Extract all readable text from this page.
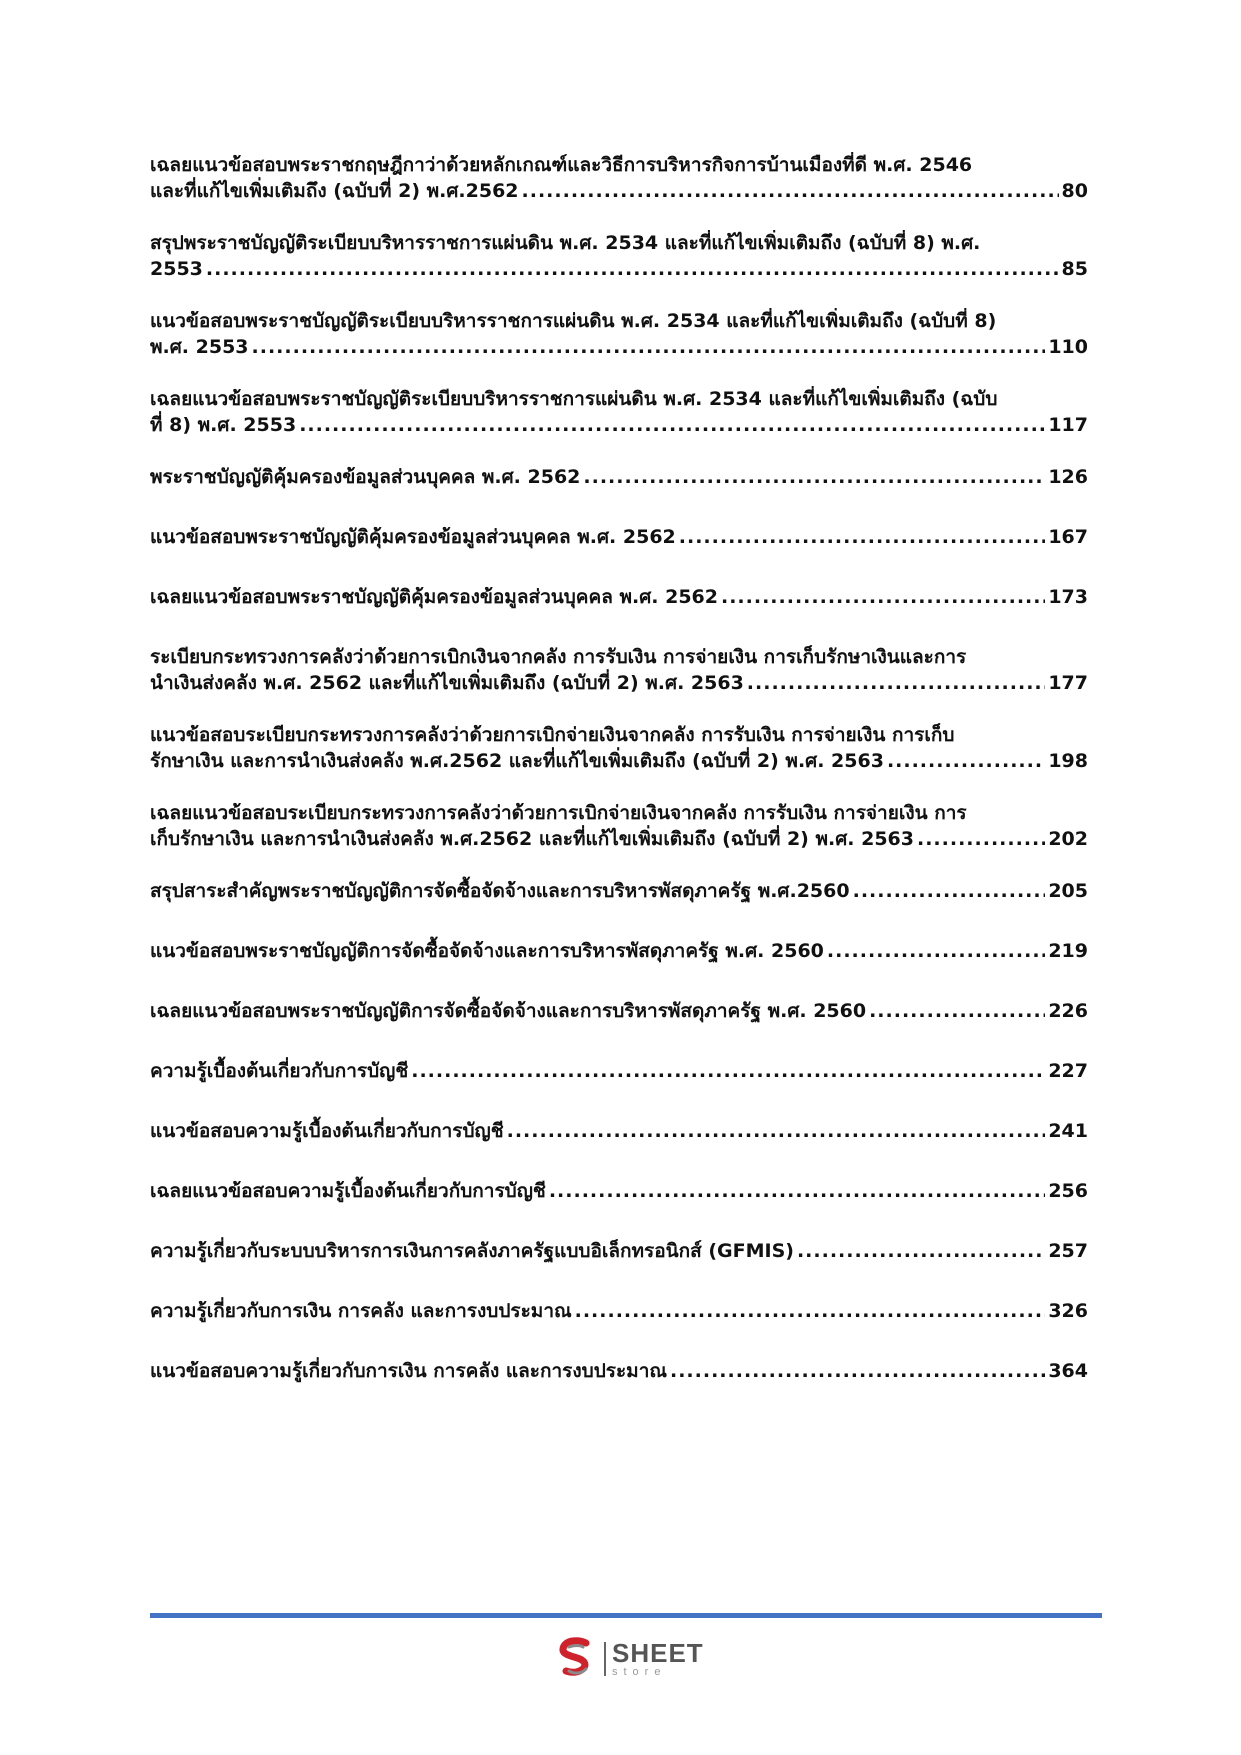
เฉลยแนวข้อสอบพระราชกฤษฎีกาว่าด้วยหลักเกณฑ์และวิธีการบริหารกิจการบ้านเมืองที่ดี พ.ศ. 2546
และที่แก้ไขเพิ่มเติมถึง (ฉบับที่ 2) พ.ศ.2562 .....	80
สรุปพระราชบัญญัติระเบียบบริหารราชการแผ่นดิน พ.ศ. 2534 และที่แก้ไขเพิ่มเติมถึง (ฉบับที่ 8) พ.ศ.
2553 .....	85
แนวข้อสอบพระราชบัญญัติระเบียบบริหารราชการแผ่นดิน พ.ศ. 2534 และที่แก้ไขเพิ่มเติมถึง (ฉบับที่ 8)
พ.ศ. 2553 .....	110
เฉลยแนวข้อสอบพระราชบัญญัติระเบียบบริหารราชการแผ่นดิน พ.ศ. 2534 และที่แก้ไขเพิ่มเติมถึง (ฉบับ
ที่ 8) พ.ศ. 2553 .....	117
พระราชบัญญัติคุ้มครองข้อมูลส่วนบุคคล พ.ศ. 2562 .....	126
แนวข้อสอบพระราชบัญญัติคุ้มครองข้อมูลส่วนบุคคล พ.ศ. 2562 .....	167
เฉลยแนวข้อสอบพระราชบัญญัติคุ้มครองข้อมูลส่วนบุคคล พ.ศ. 2562 .....	173
ระเบียบกระทรวงการคลังว่าด้วยการเบิกเงินจากคลัง การรับเงิน การจ่ายเงิน การเก็บรักษาเงินและการ
นำเงินส่งคลัง พ.ศ. 2562 และที่แก้ไขเพิ่มเติมถึง (ฉบับที่ 2) พ.ศ. 2563 .....	177
แนวข้อสอบระเบียบกระทรวงการคลังว่าด้วยการเบิกจ่ายเงินจากคลัง การรับเงิน การจ่ายเงิน การเก็บ
รักษาเงิน และการนำเงินส่งคลัง พ.ศ.2562 และที่แก้ไขเพิ่มเติมถึง (ฉบับที่ 2) พ.ศ. 2563 .....	198
เฉลยแนวข้อสอบระเบียบกระทรวงการคลังว่าด้วยการเบิกจ่ายเงินจากคลัง การรับเงิน การจ่ายเงิน การ
เก็บรักษาเงิน และการนำเงินส่งคลัง พ.ศ.2562 และที่แก้ไขเพิ่มเติมถึง (ฉบับที่ 2) พ.ศ. 2563 .....	202
สรุปสาระสำคัญพระราชบัญญัติการจัดซื้อจัดจ้างและการบริหารพัสดุภาครัฐ พ.ศ.2560 .....	205
แนวข้อสอบพระราชบัญญัติการจัดซื้อจัดจ้างและการบริหารพัสดุภาครัฐ พ.ศ. 2560 .....	219
เฉลยแนวข้อสอบพระราชบัญญัติการจัดซื้อจัดจ้างและการบริหารพัสดุภาครัฐ พ.ศ. 2560 .....	226
ความรู้เบื้องต้นเกี่ยวกับการบัญชี .....	227
แนวข้อสอบความรู้เบื้องต้นเกี่ยวกับการบัญชี .....	241
เฉลยแนวข้อสอบความรู้เบื้องต้นเกี่ยวกับการบัญชี .....	256
ความรู้เกี่ยวกับระบบบริหารการเงินการคลังภาครัฐแบบอิเล็กทรอนิกส์ (GFMIS) .....	257
ความรู้เกี่ยวกับการเงิน การคลัง และการงบประมาณ .....	326
แนวข้อสอบความรู้เกี่ยวกับการเงิน การคลัง และการงบประมาณ .....	364
SHEET
store
